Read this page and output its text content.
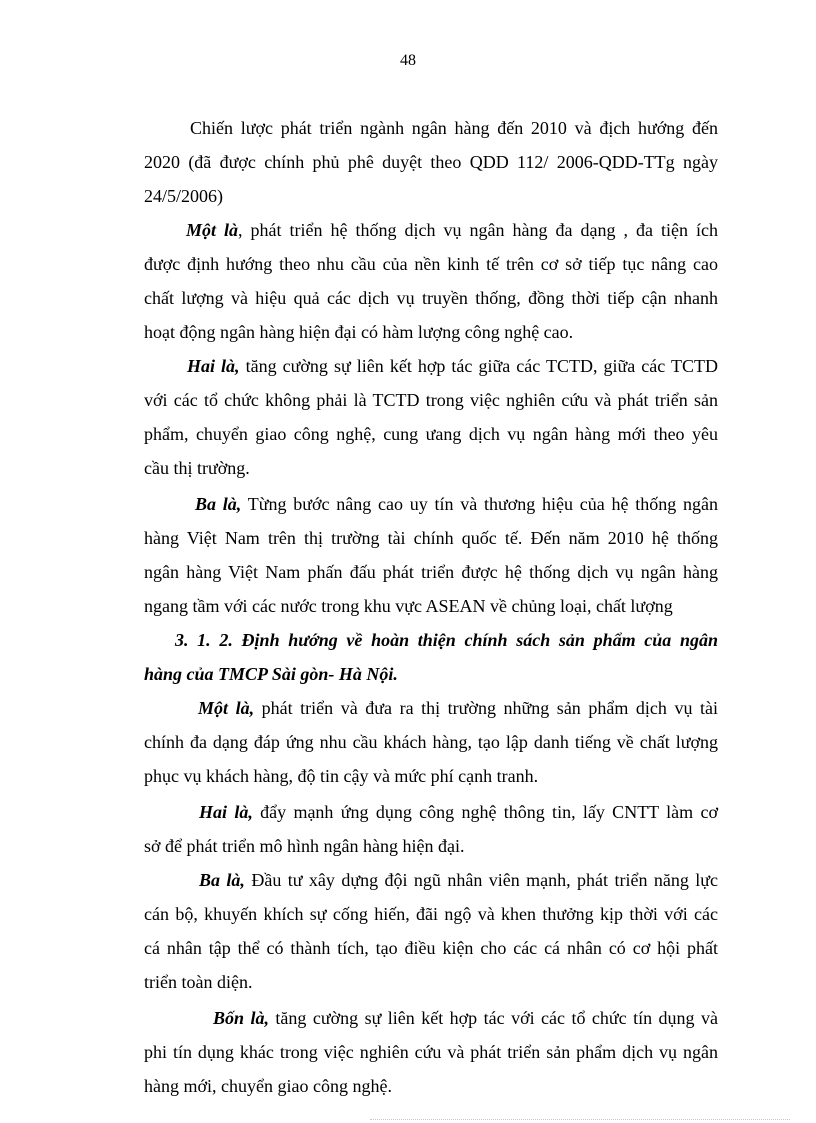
48
Chiến lược phát triển ngành ngân hàng đến 2010 và địch hướng đến
2020 (đã được chính phủ phê duyệt theo QDD 112/ 2006-QDD-TTg ngày
24/5/2006)
Một là, phát triển hệ thống dịch vụ ngân hàng đa dạng , đa tiện ích
được định hướng theo nhu cầu của nền kinh tế trên cơ sở tiếp tục nâng cao
chất lượng và hiệu quả các dịch vụ truyền thống, đồng thời tiếp cận nhanh
hoạt động ngân hàng hiện đại có hàm lượng công nghệ cao.
Hai là, tăng cường sự liên kết hợp tác giữa các TCTD, giữa các TCTD
với các tổ chức không phải là TCTD trong việc nghiên cứu và phát triển sản
phẩm, chuyển giao công nghệ, cung ưang dịch vụ ngân hàng mới theo yêu
cầu thị trường.
Ba là, Từng bước nâng cao uy tín và thương hiệu của hệ thống ngân
hàng Việt Nam trên thị trường tài chính quốc tế. Đến năm 2010 hệ thống
ngân hàng Việt Nam phấn đấu phát triển được hệ thống dịch vụ ngân hàng
ngang tầm với các nước trong khu vực ASEAN về chủng loại, chất lượng
3. 1. 2. Định hướng về hoàn thiện chính sách sản phẩm của ngân
hàng của TMCP Sài gòn- Hà Nội.
Một là, phát triển và đưa ra thị trường những sản phẩm dịch vụ tài
chính đa dạng đáp ứng nhu cầu khách hàng, tạo lập danh tiếng về chất lượng
phục vụ khách hàng, độ tin cậy và mức phí cạnh tranh.
Hai là, đẩy mạnh ứng dụng công nghệ thông tin, lấy CNTT làm cơ
sở để phát triển mô hình ngân hàng hiện đại.
Ba là, Đầu tư xây dựng đội ngũ nhân viên mạnh, phát triển năng lực
cán bộ, khuyến khích sự cống hiến, đãi ngộ và khen thưởng kịp thời với các
cá nhân tập thể có thành tích, tạo điều kiện cho các cá nhân có cơ hội phất
triển toàn diện.
Bốn là, tăng cường sự liên kết hợp tác với các tổ chức tín dụng và
phi tín dụng khác trong việc nghiên cứu và phát triển sản phẩm dịch vụ ngân
hàng mới, chuyển giao công nghệ.
